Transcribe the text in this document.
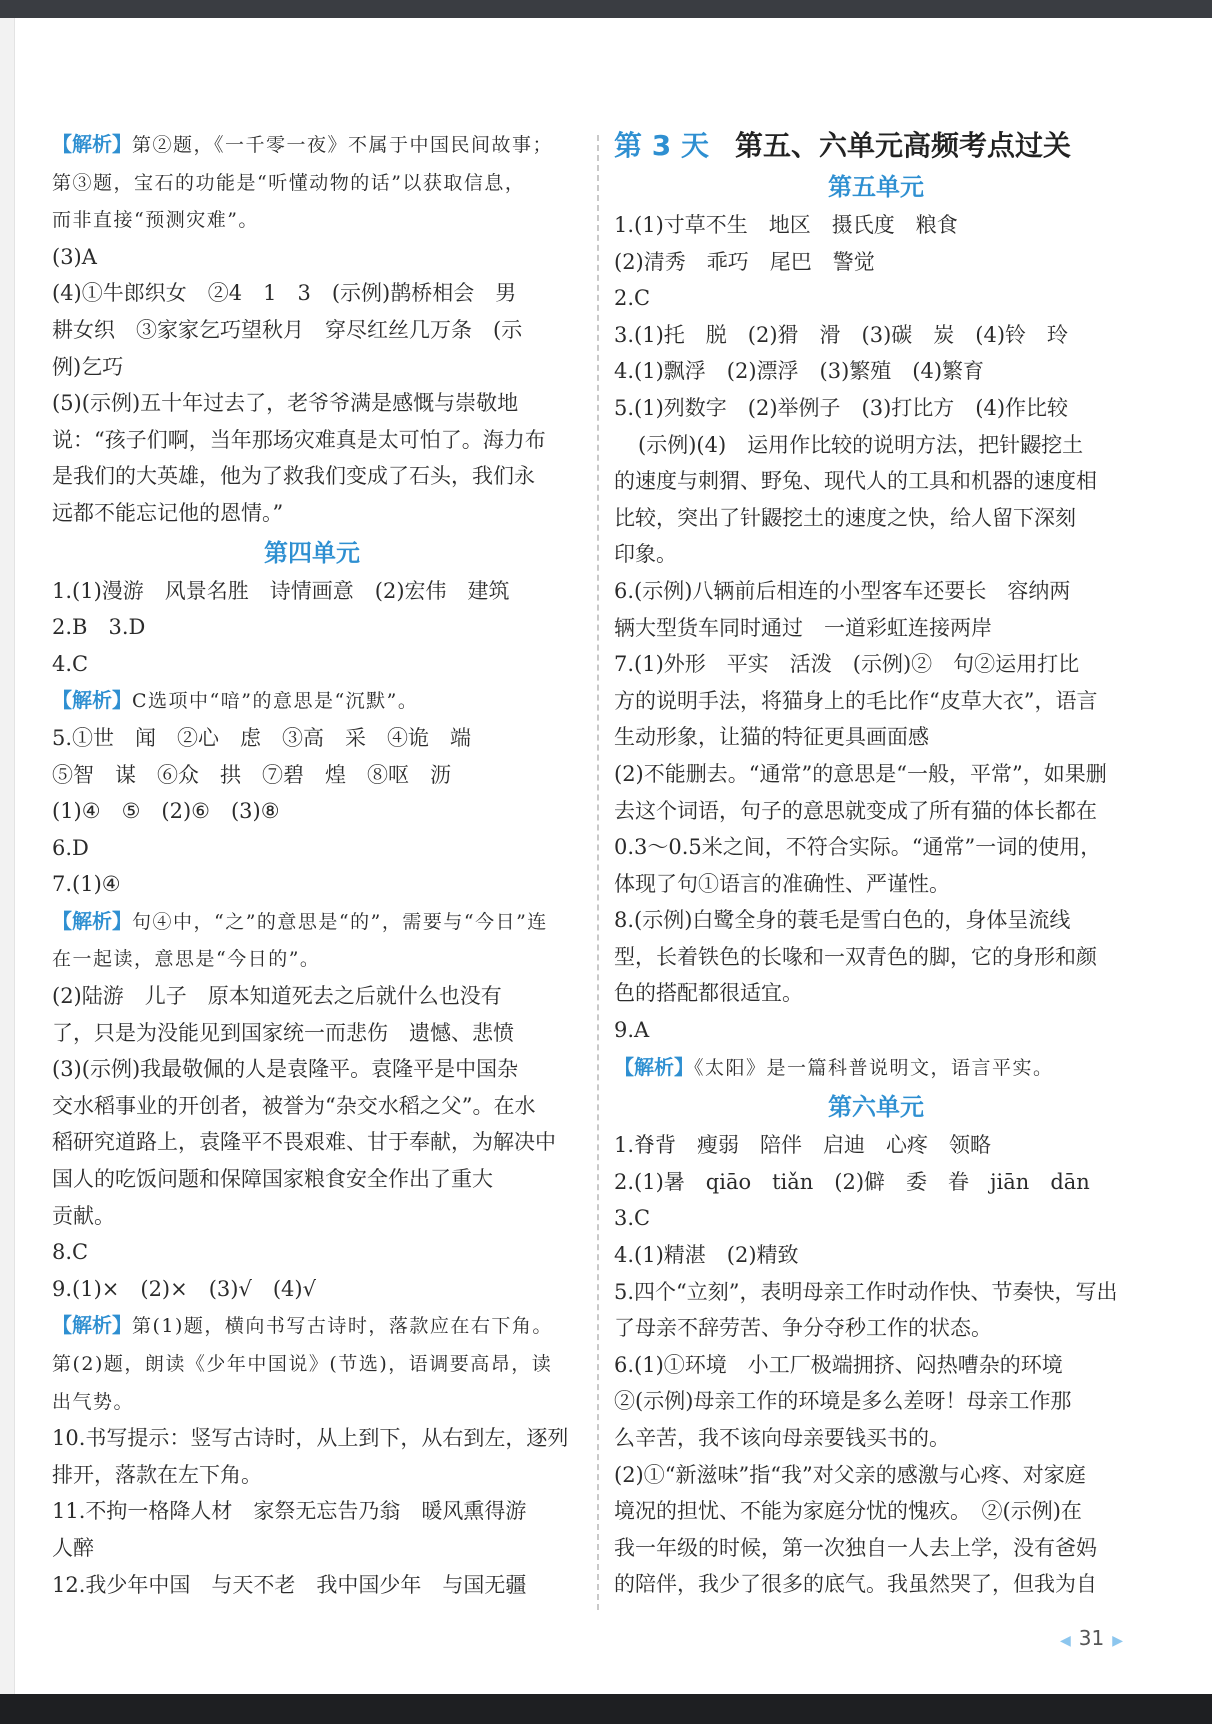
【解析】第②题，《一千零一夜》不属于中国民间故事；
第③题，宝石的功能是“听懂动物的话”以获取信息，
而非直接“预测灾难”。
(3)A
(4)①牛郎织女　②4　1　3　(示例)鹊桥相会　男
耕女织　③家家乞巧望秋月　穿尽红丝几万条　(示
例)乞巧
(5)(示例)五十年过去了，老爷爷满是感慨与崇敬地
说：“孩子们啊，当年那场灾难真是太可怕了。海力布
是我们的大英雄，他为了救我们变成了石头，我们永
远都不能忘记他的恩情。”
第四单元
1.(1)漫游　风景名胜　诗情画意　(2)宏伟　建筑
2.B　3.D
4.C
【解析】C选项中“喑”的意思是“沉默”。
5.①世　闻　②心　虑　③高　采　④诡　端
⑤智　谋　⑥众　拱　⑦碧　煌　⑧呕　沥
(1)④　⑤　(2)⑥　(3)⑧
6.D
7.(1)④
【解析】句④中，“之”的意思是“的”，需要与“今日”连
在一起读，意思是“今日的”。
(2)陆游　儿子　原本知道死去之后就什么也没有
了，只是为没能见到国家统一而悲伤　遗憾、悲愤
(3)(示例)我最敬佩的人是袁隆平。袁隆平是中国杂
交水稻事业的开创者，被誉为“杂交水稻之父”。在水
稻研究道路上，袁隆平不畏艰难、甘于奉献，为解决中
国人的吃饭问题和保障国家粮食安全作出了重大
贡献。
8.C
9.(1)×　(2)×　(3)√　(4)√
【解析】第(1)题，横向书写古诗时，落款应在右下角。
第(2)题，朗读《少年中国说》(节选)，语调要高昂，读
出气势。
10.书写提示：竖写古诗时，从上到下，从右到左，逐列
排开，落款在左下角。
11.不拘一格降人材　家祭无忘告乃翁　暖风熏得游
人醉
12.我少年中国　与天不老　我中国少年　与国无疆
第 3 天 第五、六单元高频考点过关
第五单元
1.(1)寸草不生　地区　摄氏度　粮食
(2)清秀　乖巧　尾巴　警觉
2.C
3.(1)托　脱　(2)猾　滑　(3)碳　炭　(4)铃　玲
4.(1)飘浮　(2)漂浮　(3)繁殖　(4)繁育
5.(1)列数字　(2)举例子　(3)打比方　(4)作比较
(示例)(4)　运用作比较的说明方法，把针鼹挖土
的速度与刺猬、野兔、现代人的工具和机器的速度相
比较，突出了针鼹挖土的速度之快，给人留下深刻
印象。
6.(示例)八辆前后相连的小型客车还要长　容纳两
辆大型货车同时通过　一道彩虹连接两岸
7.(1)外形　平实　活泼　(示例)②　句②运用打比
方的说明手法，将猫身上的毛比作“皮草大衣”，语言
生动形象，让猫的特征更具画面感
(2)不能删去。“通常”的意思是“一般，平常”，如果删
去这个词语，句子的意思就变成了所有猫的体长都在
0.3～0.5米之间，不符合实际。“通常”一词的使用，
体现了句①语言的准确性、严谨性。
8.(示例)白鹭全身的蓑毛是雪白色的，身体呈流线
型，长着铁色的长喙和一双青色的脚，它的身形和颜
色的搭配都很适宜。
9.A
【解析】《太阳》是一篇科普说明文，语言平实。
第六单元
1.脊背　瘦弱　陪伴　启迪　心疼　领略
2.(1)暑　qiāo　tiǎn　(2)僻　委　眷　jiān　dān
3.C
4.(1)精湛　(2)精致
5.四个“立刻”，表明母亲工作时动作快、节奏快，写出
了母亲不辞劳苦、争分夺秒工作的状态。
6.(1)①环境　小工厂极端拥挤、闷热嘈杂的环境
②(示例)母亲工作的环境是多么差呀！母亲工作那
么辛苦，我不该向母亲要钱买书的。
(2)①“新滋味”指“我”对父亲的感激与心疼、对家庭
境况的担忧、不能为家庭分忧的愧疚。　②(示例)在
我一年级的时候，第一次独自一人去上学，没有爸妈
的陪伴，我少了很多的底气。我虽然哭了，但我为自
◀ 31 ▶
